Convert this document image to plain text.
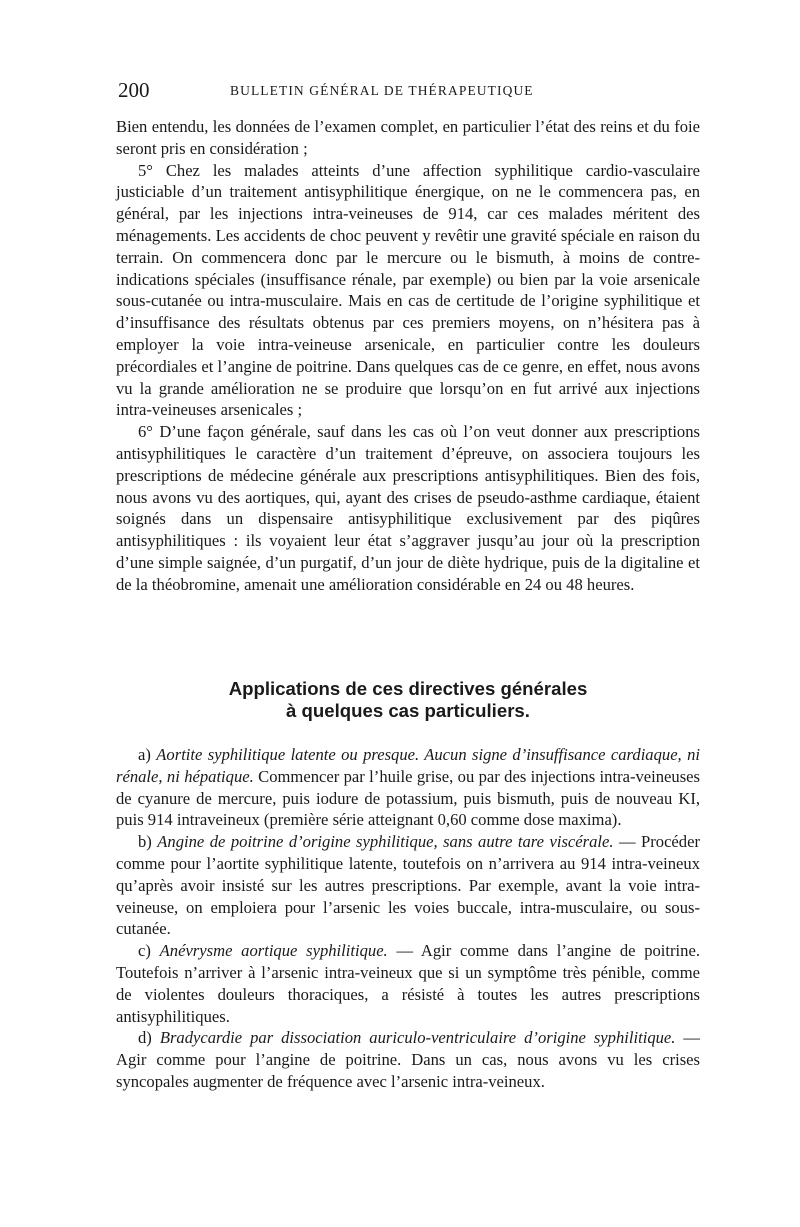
200	BULLETIN GÉNÉRAL DE THÉRAPEUTIQUE

Bien entendu, les données de l’examen complet, en particulier l’état des reins et du foie seront pris en considération ;

5° Chez les malades atteints d’une affection syphilitique cardio-vasculaire justiciable d’un traitement antisyphilitique énergique, on ne le commencera pas, en général, par les injections intra-veineuses de 914, car ces malades méritent des ménagements. Les accidents de choc peuvent y revêtir une gravité spéciale en raison du terrain. On commencera donc par le mercure ou le bismuth, à moins de contre-indications spéciales (insuffisance rénale, par exemple) ou bien par la voie arsenicale sous-cutanée ou intra-musculaire. Mais en cas de certitude de l’origine syphilitique et d’insuffisance des résultats obtenus par ces premiers moyens, on n’hésitera pas à employer la voie intra-veineuse arsenicale, en particulier contre les douleurs précordiales et l’angine de poitrine. Dans quelques cas de ce genre, en effet, nous avons vu la grande amélioration ne se produire que lorsqu’on en fut arrivé aux injections intra-veineuses arsenicales ;

6° D’une façon générale, sauf dans les cas où l’on veut donner aux prescriptions antisyphilitiques le caractère d’un traitement d’épreuve, on associera toujours les prescriptions de médecine générale aux prescriptions antisyphilitiques. Bien des fois, nous avons vu des aortiques, qui, ayant des crises de pseudo-asthme cardiaque, étaient soignés dans un dispensaire antisyphilitique exclusivement par des piqûres antisyphilitiques : ils voyaient leur état s’aggraver jusqu’au jour où la prescription d’une simple saignée, d’un purgatif, d’un jour de diète hydrique, puis de la digitaline et de la théobromine, amenait une amélioration considérable en 24 ou 48 heures.

Applications de ces directives générales
à quelques cas particuliers.

a) Aortite syphilitique latente ou presque. Aucun signe d’insuffisance cardiaque, ni rénale, ni hépatique. Commencer par l’huile grise, ou par des injections intra-veineuses de cyanure de mercure, puis iodure de potassium, puis bismuth, puis de nouveau KI, puis 914 intraveineux (première série atteignant 0,60 comme dose maxima).

b) Angine de poitrine d’origine syphilitique, sans autre tare viscérale. — Procéder comme pour l’aortite syphilitique latente, toutefois on n’arrivera au 914 intra-veineux qu’après avoir insisté sur les autres prescriptions. Par exemple, avant la voie intra-veineuse, on emploiera pour l’arsenic les voies buccale, intra-musculaire, ou sous-cutanée.

c) Anévrysme aortique syphilitique. — Agir comme dans l’angine de poitrine. Toutefois n’arriver à l’arsenic intra-veineux que si un symptôme très pénible, comme de violentes douleurs thoraciques, a résisté à toutes les autres prescriptions antisyphilitiques.

d) Bradycardie par dissociation auriculo-ventriculaire d’origine syphilitique. — Agir comme pour l’angine de poitrine. Dans un cas, nous avons vu les crises syncopales augmenter de fréquence avec l’arsenic intra-veineux.
